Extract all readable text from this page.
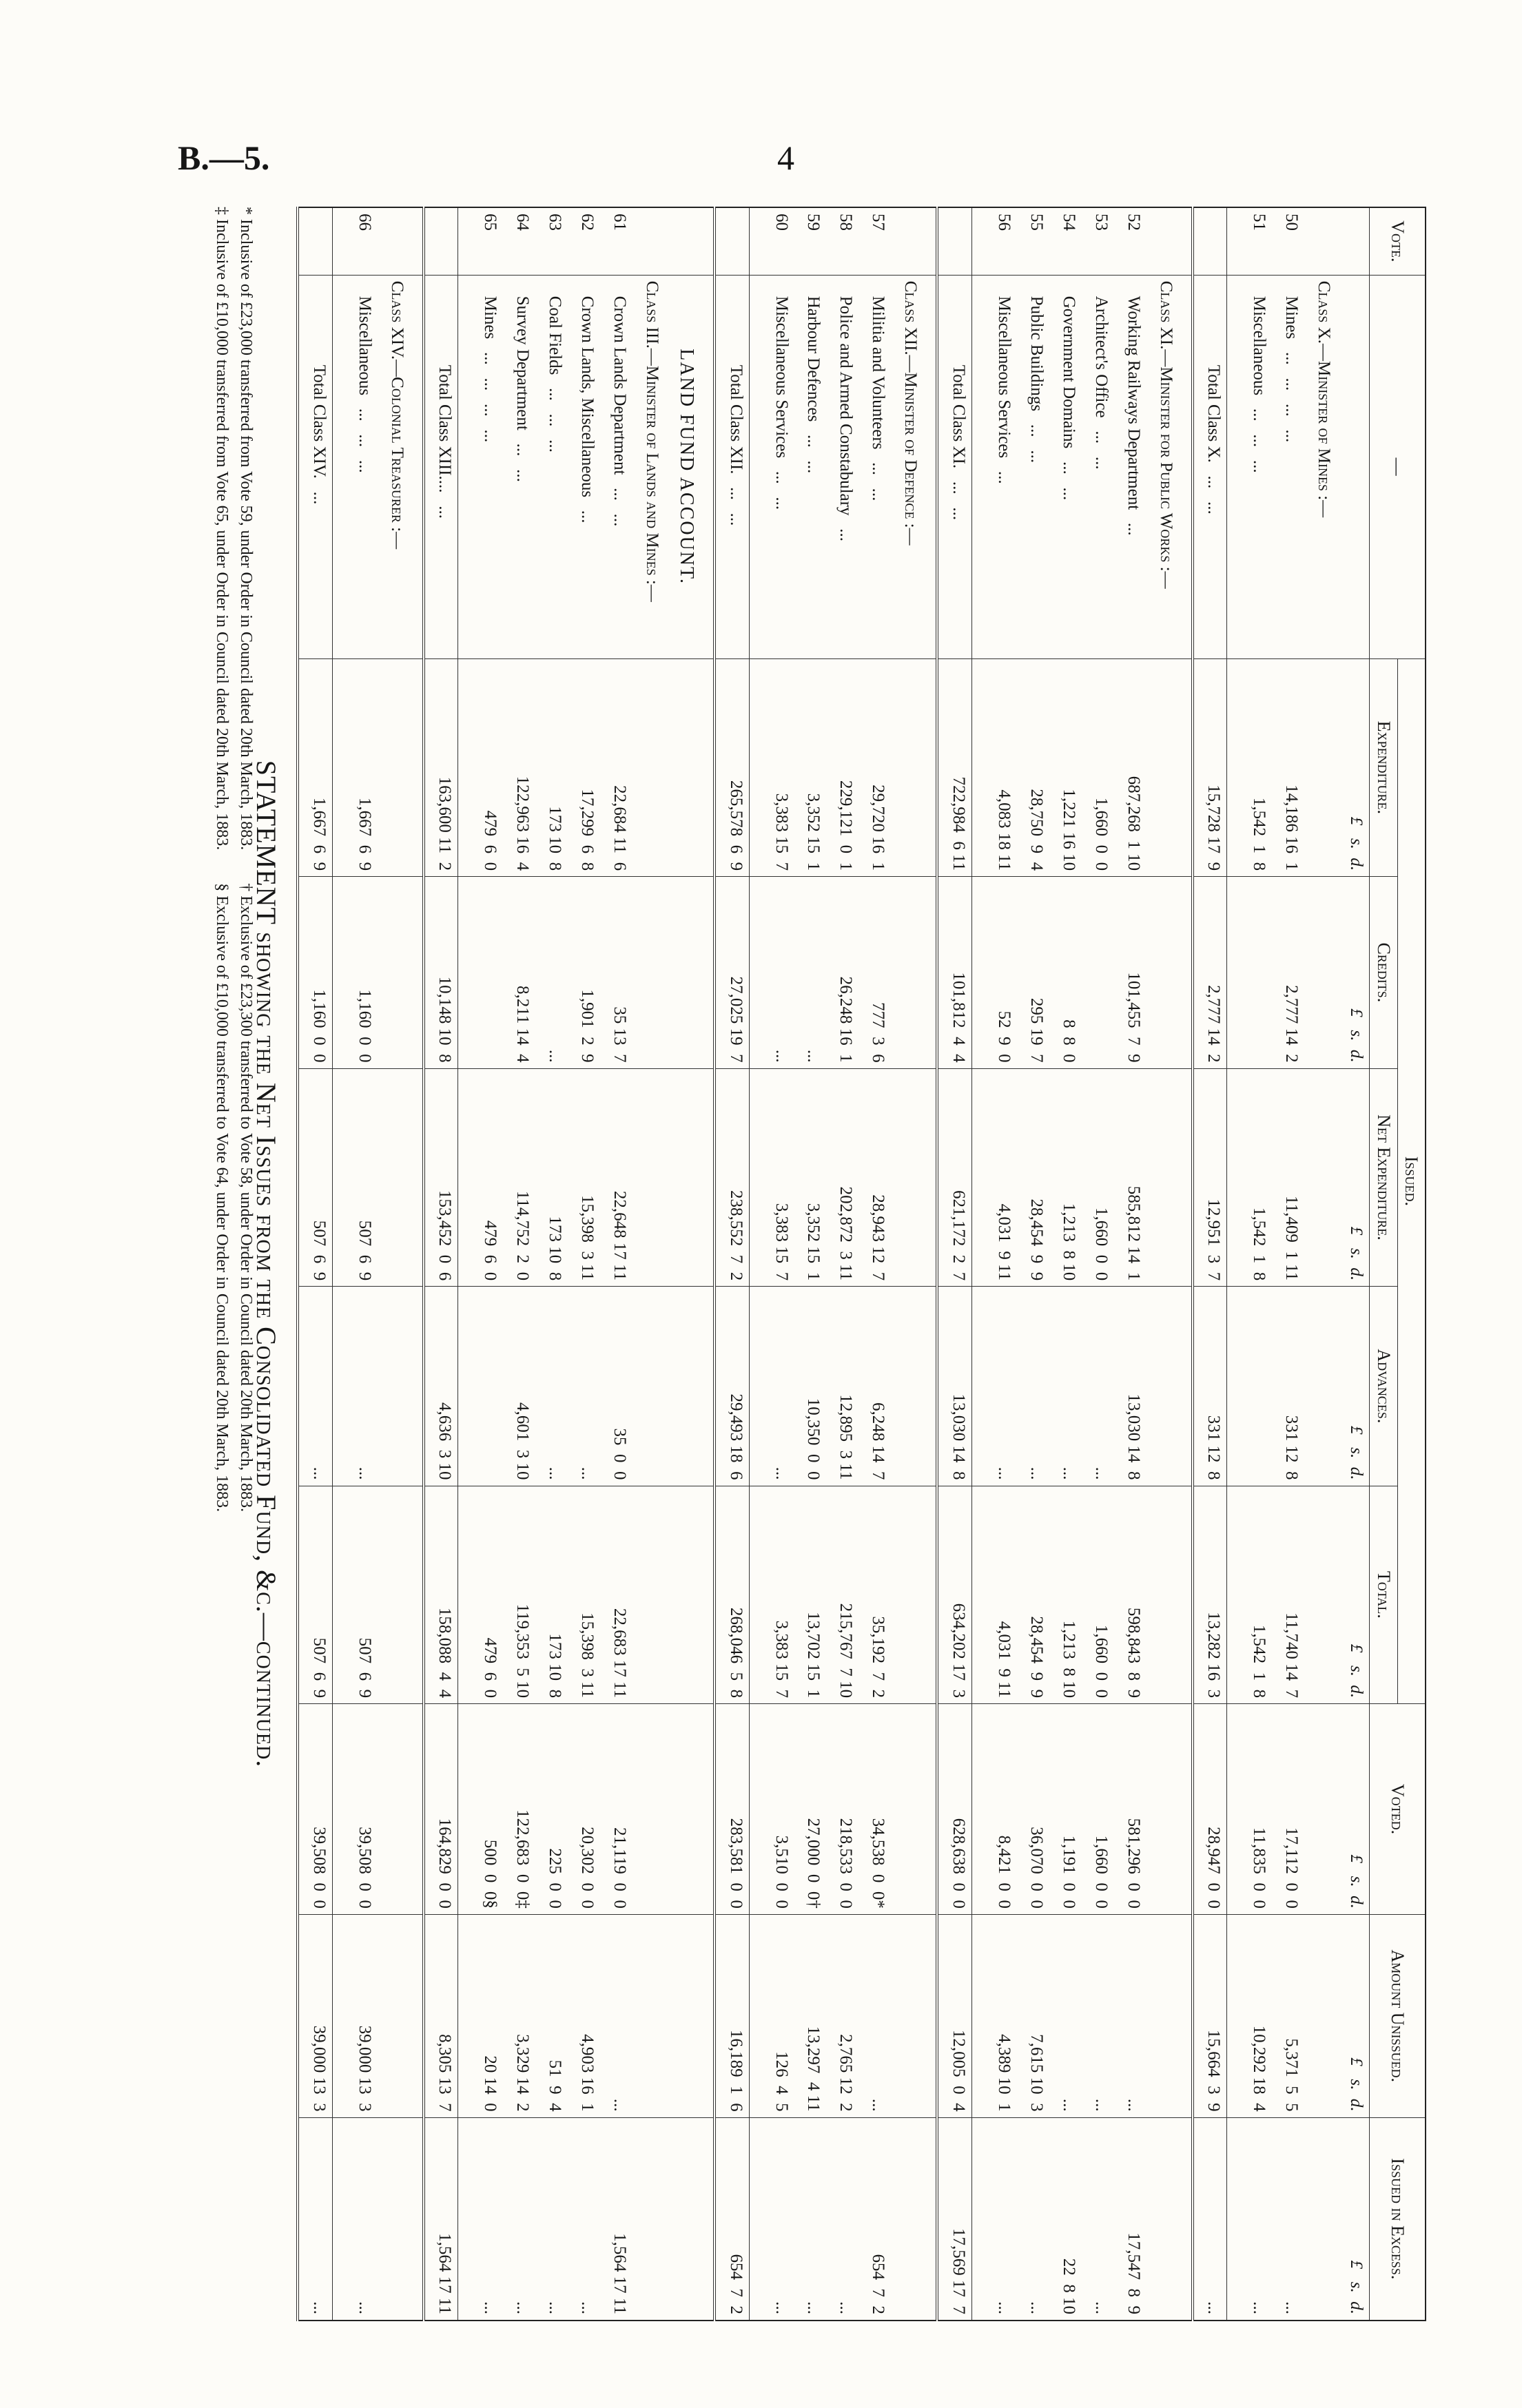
B.—5.	4
Vote.	—	Issued.					Voted.	Amount Unissued.	Issued in Excess.
		Expenditure.	Credits.	Net Expenditure.	Advances.	Total.			
		£   s.  d.	£   s.  d.	£   s.  d.	£   s.  d.	£   s.  d.	£   s.  d.	£   s.  d.	£   s.  d.
	Class X.—Minister of Mines :—								
50	Mines   ...   ...   ...   ...	14,186 16  1	2,777 14  2	11,409  1 11	331 12  8	11,740 14  7	17,112  0  0	5,371  5  5	...
51	Miscellaneous   ...   ...   ...	1,542  1  8		1,542  1  8		1,542  1  8	11,835  0  0	10,292 18  4	...

	Total Class X.   ...   ...	15,728 17  9	2,777 14  2	12,951  3  7	331 12  8	13,282 16  3	28,947  0  0	15,664  3  9	...

	Class XI.—Minister for Public Works :—								
52	Working Railways Department   ...	687,268  1 10	101,455  7  9	585,812 14  1	13,030 14  8	598,843  8  9	581,296  0  0	...	17,547  8  9
53	Architect's Office   ...   ...	1,660  0  0		1,660  0  0	...	1,660  0  0	1,660  0  0	...	...
54	Government Domains   ...   ...	1,221 16 10	8  8  0	1,213  8 10	...	1,213  8 10	1,191  0  0	...	22  8 10
55	Public Buildings   ...   ...	28,750  9  4	295 19  7	28,454  9  9	...	28,454  9  9	36,070  0  0	7,615 10  3	...
56	Miscellaneous Services   ...	4,083 18 11	52  9  0	4,031  9 11	...	4,031  9 11	8,421  0  0	4,389 10  1	...

	Total Class XI.   ...   ...	722,984  6 11	101,812  4  4	621,172  2  7	13,030 14  8	634,202 17  3	628,638  0  0	12,005  0  4	17,569 17  7

	Class XII.—Minister of Defence :—								
57	Militia and Volunteers   ...   ...	29,720 16  1	777  3  6	28,943 12  7	6,248 14  7	35,192  7  2	34,538  0  0*	...	654  7  2
58	Police and Armed Constabulary   ...	229,121  0  1	26,248 16  1	202,872  3 11	12,895  3 11	215,767  7 10	218,533  0  0	2,765 12  2	...
59	Harbour Defences   ...   ...	3,352 15  1	...	3,352 15  1	10,350  0  0	13,702 15  1	27,000  0  0†	13,297  4 11	...
60	Miscellaneous Services   ...   ...	3,383 15  7	...	3,383 15  7	...	3,383 15  7	3,510  0  0	126  4  5	...

	Total Class XII.   ...   ...	265,578  6  9	27,025 19  7	238,552  7  2	29,493 18  6	268,046  5  8	283,581  0  0	16,189  1  6	654  7  2

	LAND FUND ACCOUNT.								
	Class III.—Minister of Lands and Mines :—								
61	Crown Lands Department   ...   ...	22,684 11  6	35 13  7	22,648 17 11	35  0  0	22,683 17 11	21,119  0  0	...	1,564 17 11
62	Crown Lands, Miscellaneous   ...	17,299  6  8	1,901  2  9	15,398  3 11	...	15,398  3 11	20,302  0  0	4,903 16  1	...
63	Coal Fields   ...   ...   ...	173 10  8	...	173 10  8	...	173 10  8	225  0  0	51  9  4	...
64	Survey Department   ...   ...	122,963 16  4	8,211 14  4	114,752  2  0	4,601  3 10	119,353  5 10	122,683  0  0‡	3,329 14  2	...
65	Mines   ...   ...   ...   ...	479  6  0		479  6  0		479  6  0	500  0  0§	20 14  0	...

	Total Class XIII....   ...	163,600 11  2	10,148 10  8	153,452  0  6	4,636  3 10	158,088  4  4	164,829  0  0	8,305 13  7	1,564 17 11

	Class XIV.—Colonial Treasurer :—								
66	Miscellaneous   ...   ...   ...	1,667  6  9	1,160  0  0	507  6  9	...	507  6  9	39,508  0  0	39,000 13  3	...

	Total Class XIV.   ...	1,667  6  9	1,160  0  0	507  6  9	...	507  6  9	39,508  0  0	39,000 13  3	...
STATEMENT showing the Net Issues from the Consolidated Fund, &c.—continued.
* Inclusive of £23,000 transferred from Vote 59, under Order in Council dated 20th March, 1883.        † Exclusive of £23,300 transferred to Vote 58, under Order in Council dated 20th March, 1883.
‡ Inclusive of £10,000 transferred from Vote 65, under Order in Council dated 20th March, 1883.        § Exclusive of £10,000 transferred to Vote 64, under Order in Council dated 20th March, 1883.
